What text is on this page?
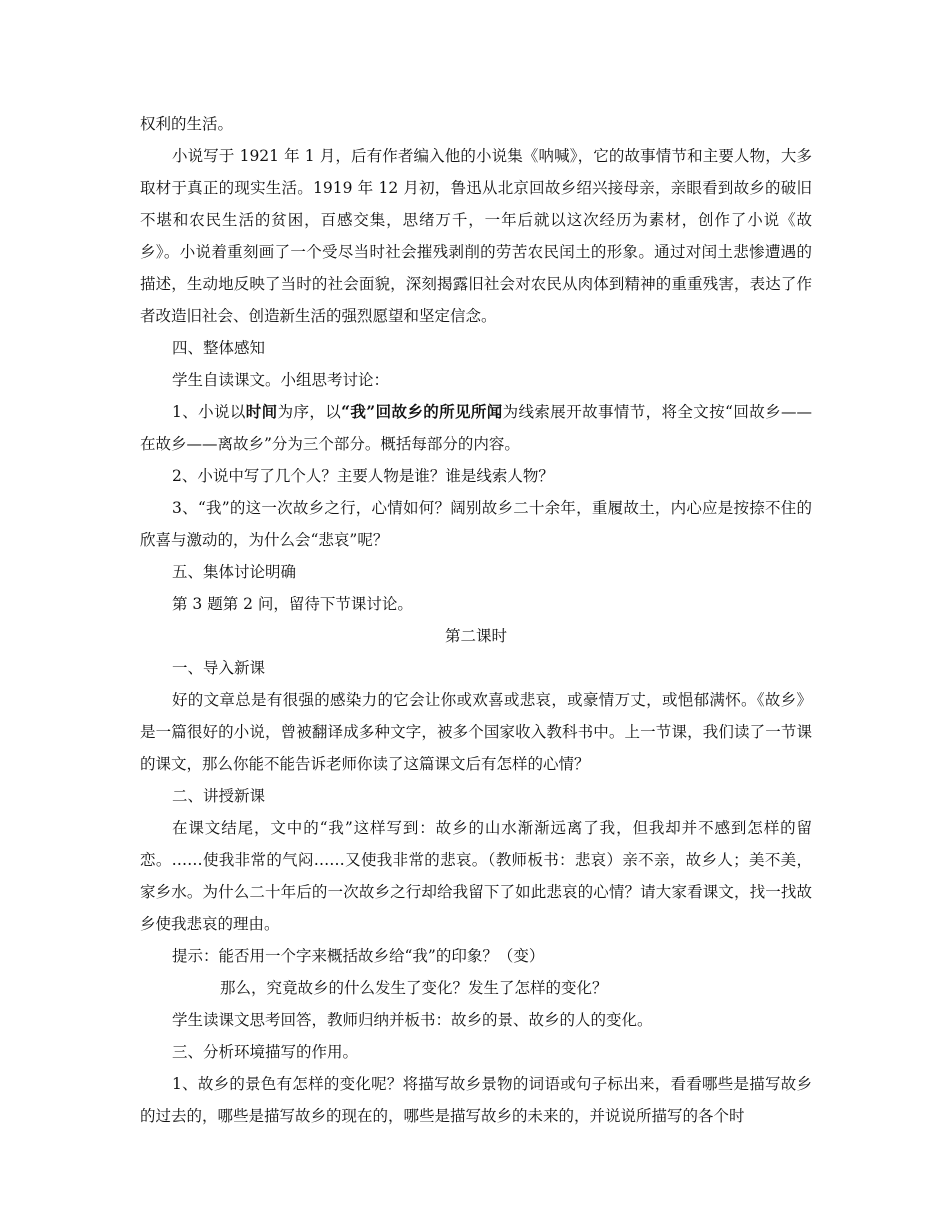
权利的生活。

小说写于 1921 年 1 月，后有作者编入他的小说集《呐喊》，它的故事情节和主要人物，大多取材于真正的现实生活。1919 年 12 月初，鲁迅从北京回故乡绍兴接母亲，亲眼看到故乡的破旧不堪和农民生活的贫困，百感交集，思绪万千，一年后就以这次经历为素材，创作了小说《故乡》。小说着重刻画了一个受尽当时社会摧残剥削的劳苦农民闰土的形象。通过对闰土悲惨遭遇的描述，生动地反映了当时的社会面貌，深刻揭露旧社会对农民从肉体到精神的重重残害，表达了作者改造旧社会、创造新生活的强烈愿望和坚定信念。

四、整体感知

学生自读课文。小组思考讨论：

1、小说以时间为序，以“我”回故乡的所见所闻为线索展开故事情节，将全文按“回故乡——在故乡——离故乡”分为三个部分。概括每部分的内容。

2、小说中写了几个人？主要人物是谁？谁是线索人物？

3、“我”的这一次故乡之行，心情如何？阔别故乡二十余年，重履故土，内心应是按捺不住的欣喜与激动的，为什么会“悲哀”呢？

五、集体讨论明确

第 3 题第 2 问，留待下节课讨论。

第二课时

一、导入新课

好的文章总是有很强的感染力的它会让你或欢喜或悲哀，或豪情万丈，或悒郁满怀。《故乡》是一篇很好的小说，曾被翻译成多种文字，被多个国家收入教科书中。上一节课，我们读了一节课的课文，那么你能不能告诉老师你读了这篇课文后有怎样的心情？

二、讲授新课

在课文结尾，文中的“我”这样写到：故乡的山水渐渐远离了我，但我却并不感到怎样的留恋。……使我非常的气闷……又使我非常的悲哀。（教师板书：悲哀）亲不亲，故乡人；美不美，家乡水。为什么二十年后的一次故乡之行却给我留下了如此悲哀的心情？请大家看课文，找一找故乡使我悲哀的理由。

提示：能否用一个字来概括故乡给“我”的印象？（变）

那么，究竟故乡的什么发生了变化？发生了怎样的变化？

学生读课文思考回答，教师归纳并板书：故乡的景、故乡的人的变化。

三、分析环境描写的作用。

1、故乡的景色有怎样的变化呢？将描写故乡景物的词语或句子标出来，看看哪些是描写故乡的过去的，哪些是描写故乡的现在的，哪些是描写故乡的未来的，并说说所描写的各个时
